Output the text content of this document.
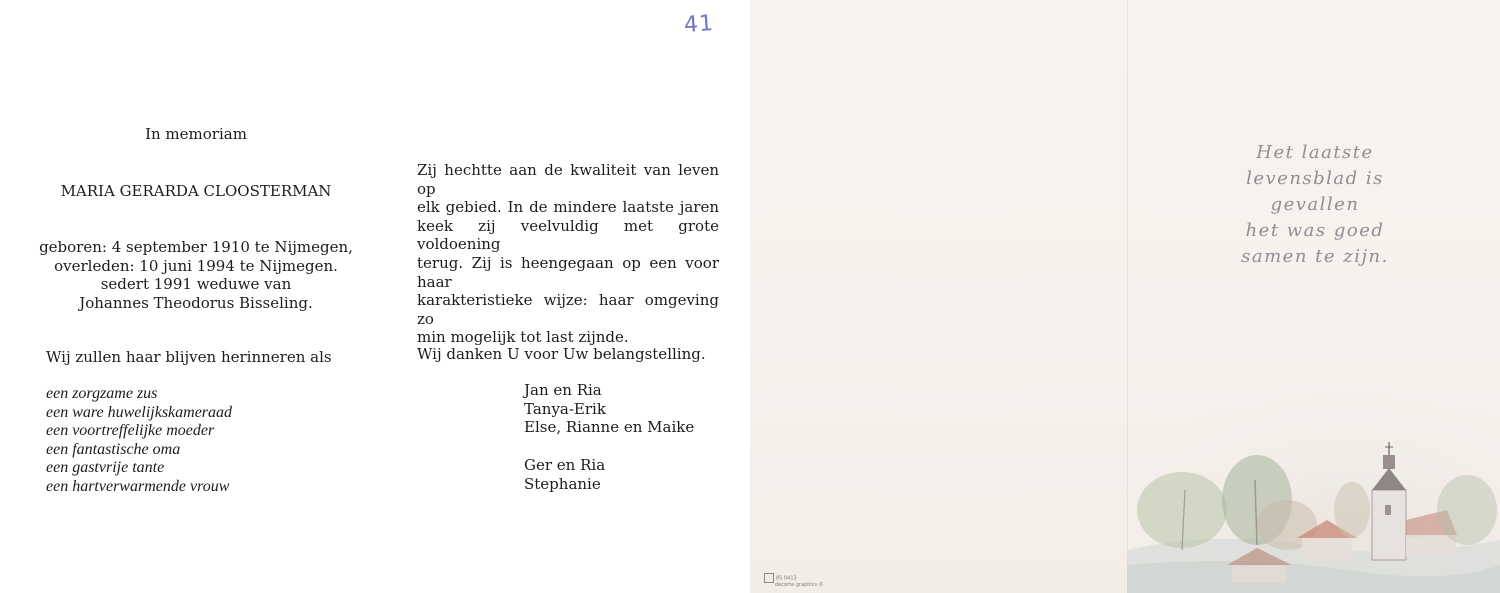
41
In memoriam
MARIA GERARDA CLOOSTERMAN
geboren: 4 september 1910 te Nijmegen,
overleden: 10 juni 1994 te Nijmegen.
sedert 1991 weduwe van
Johannes Theodorus Bisseling.
Wij zullen haar blijven herinneren als
een zorgzame zus
een ware huwelijkskameraad
een voortreffelijke moeder
een fantastische oma
een gastvrije tante
een hartverwarmende vrouw
Zij hechtte aan de kwaliteit van leven op
elk gebied. In de mindere laatste jaren
keek zij veelvuldig met grote voldoening
terug. Zij is heengegaan op een voor haar
karakteristieke wijze: haar omgeving zo
min mogelijk tot last zijnde.
Wij danken U voor Uw belangstelling.
Jan en Ria
Tanya-Erik
Else, Rianne en Maike
Ger en Ria
Stephanie
Het laatste
levensblad is gevallen
het was goed
samen te zijn.
85 0413
decorte graphics ©
